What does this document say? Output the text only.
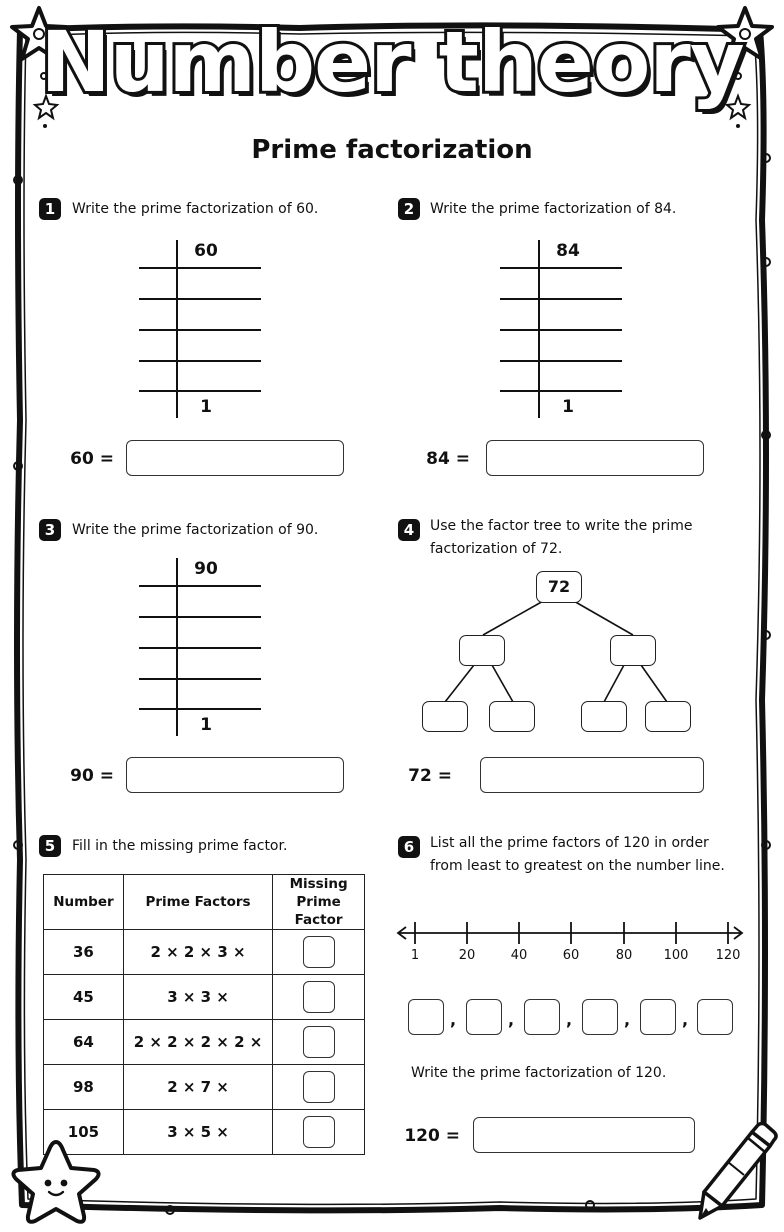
Number theory
Prime factorization
1	Write the prime factorization of 60.
60
1
60 =
2	Write the prime factorization of 84.
84
1
84 =
3	Write the prime factorization of 90.
90
1
90 =
4	Use the factor tree to write the prime
factorization of 72.
72
72 =
5	Fill in the missing prime factor.
Number	Prime Factors	Missing
Prime Factor
36	2 × 2 × 3 ×	
45	3 × 3 ×	
64	2 × 2 × 2 × 2 ×	
98	2 × 7 ×	
105	3 × 5 ×	
6	List all the prime factors of 120 in order
from least to greatest on the number line.
1	20	40	60	80	100	120
,	,	,	,	,
Write the prime factorization of 120.
120 =
